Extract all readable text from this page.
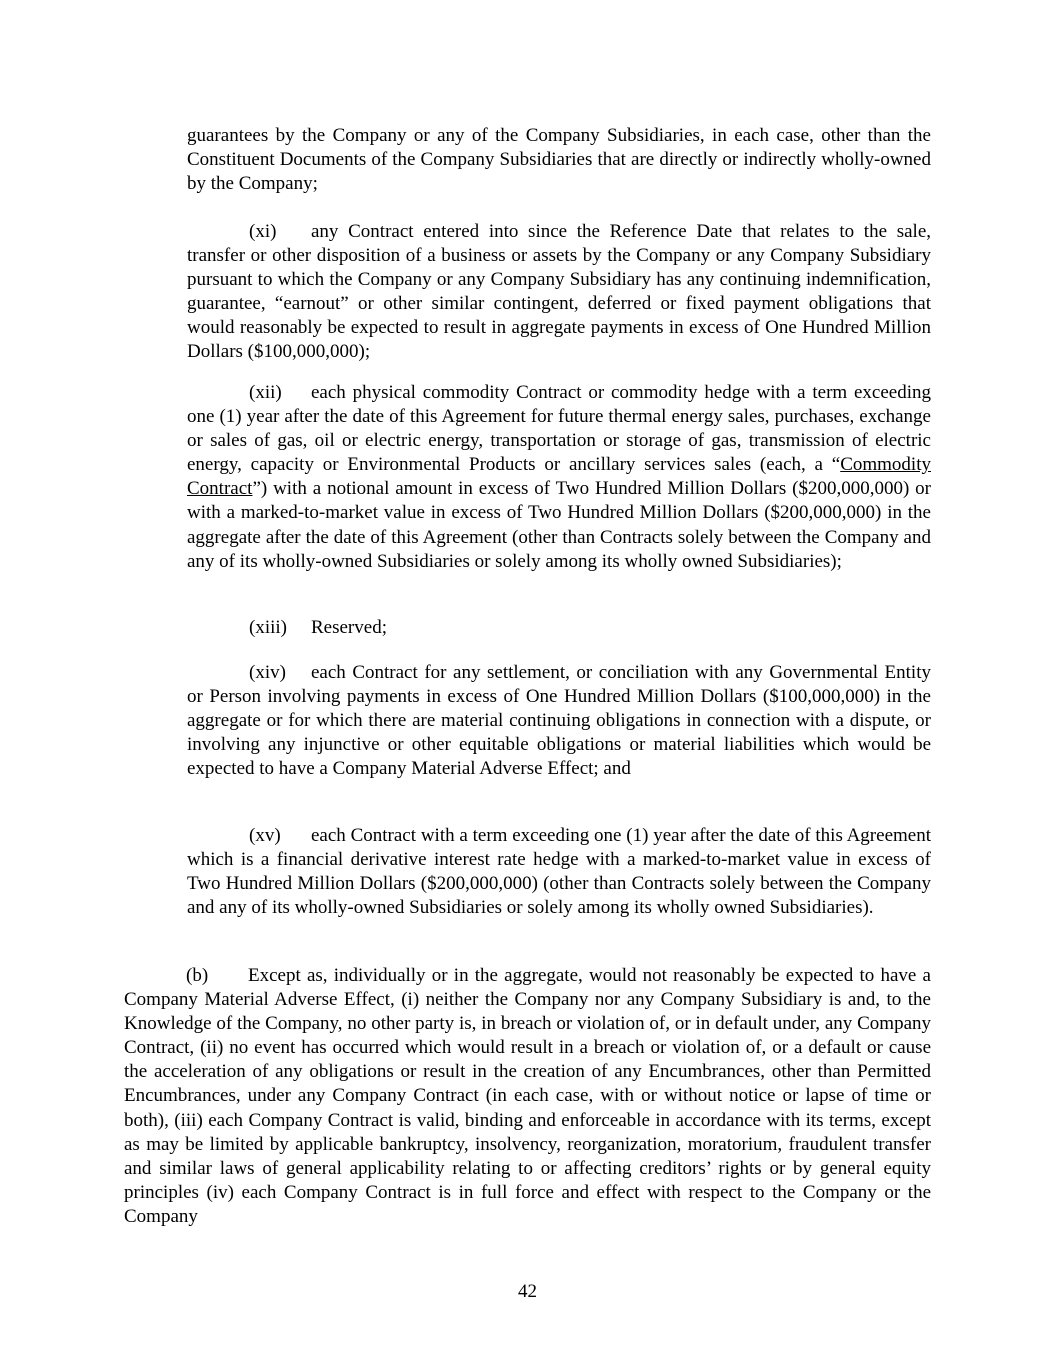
guarantees by the Company or any of the Company Subsidiaries, in each case, other than the Constituent Documents of the Company Subsidiaries that are directly or indirectly wholly-owned by the Company;

(xi) any Contract entered into since the Reference Date that relates to the sale, transfer or other disposition of a business or assets by the Company or any Company Subsidiary pursuant to which the Company or any Company Subsidiary has any continuing indemnification, guarantee, “earnout” or other similar contingent, deferred or fixed payment obligations that would reasonably be expected to result in aggregate payments in excess of One Hundred Million Dollars ($100,000,000);

(xii) each physical commodity Contract or commodity hedge with a term exceeding one (1) year after the date of this Agreement for future thermal energy sales, purchases, exchange or sales of gas, oil or electric energy, transportation or storage of gas, transmission of electric energy, capacity or Environmental Products or ancillary services sales (each, a “Commodity Contract”) with a notional amount in excess of Two Hundred Million Dollars ($200,000,000) or with a marked-to-market value in excess of Two Hundred Million Dollars ($200,000,000) in the aggregate after the date of this Agreement (other than Contracts solely between the Company and any of its wholly-owned Subsidiaries or solely among its wholly owned Subsidiaries);

(xiii) Reserved;

(xiv) each Contract for any settlement, or conciliation with any Governmental Entity or Person involving payments in excess of One Hundred Million Dollars ($100,000,000) in the aggregate or for which there are material continuing obligations in connection with a dispute, or involving any injunctive or other equitable obligations or material liabilities which would be expected to have a Company Material Adverse Effect; and

(xv) each Contract with a term exceeding one (1) year after the date of this Agreement which is a financial derivative interest rate hedge with a marked-to-market value in excess of Two Hundred Million Dollars ($200,000,000) (other than Contracts solely between the Company and any of its wholly-owned Subsidiaries or solely among its wholly owned Subsidiaries).

(b) Except as, individually or in the aggregate, would not reasonably be expected to have a Company Material Adverse Effect, (i) neither the Company nor any Company Subsidiary is and, to the Knowledge of the Company, no other party is, in breach or violation of, or in default under, any Company Contract, (ii) no event has occurred which would result in a breach or violation of, or a default or cause the acceleration of any obligations or result in the creation of any Encumbrances, other than Permitted Encumbrances, under any Company Contract (in each case, with or without notice or lapse of time or both), (iii) each Company Contract is valid, binding and enforceable in accordance with its terms, except as may be limited by applicable bankruptcy, insolvency, reorganization, moratorium, fraudulent transfer and similar laws of general applicability relating to or affecting creditors’ rights or by general equity principles (iv) each Company Contract is in full force and effect with respect to the Company or the Company

42
